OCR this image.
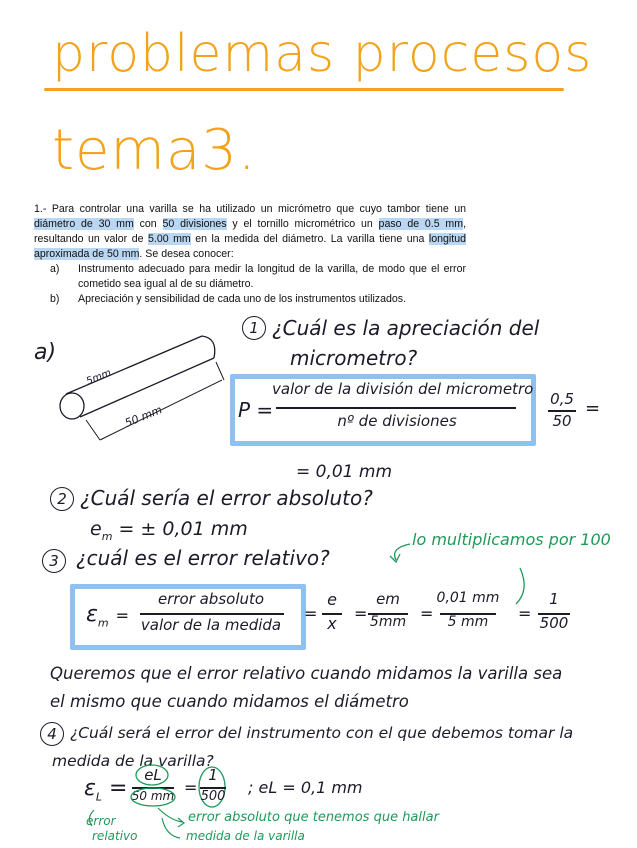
problemas procesos
tema3.

1.- Para controlar una varilla se ha utilizado un micrómetro que cuyo tambor tiene un diámetro de 30 mm con 50 divisiones y el tornillo micrométrico un paso de 0.5 mm, resultando un valor de 5.00 mm en la medida del diámetro. La varilla tiene una longitud aproximada de 50 mm. Se desea conocer:

a)	Instrumento adecuado para medir la longitud de la varilla, de modo que el error cometido sea igual al de su diámetro.
b)	Apreciación y sensibilidad de cada uno de los instrumentos utilizados.
a)
5mm
50 mm
1 ¿Cuál es la apreciación del
micrometro?
P =
valor de la división del micrometro
nº de divisiones
0,5
50
=
= 0,01 mm
2 ¿Cuál sería el error absoluto?
$e_m$ = ± 0,01 mm	lo multiplicamos por 100
3 ¿cuál es el error relativo?
$\varepsilon_m$ =
error absoluto
valor de la medida
=
e
x
=
em
5mm =
0,01 mm
5 mm	=
1
500
Queremos que el error relativo cuando midamos la varilla sea
el mismo que cuando midamos el diámetro
4 ¿Cuál será el error del instrumento con el que debemos tomar la
medida de la varilla?
$\varepsilon_L$ =
eL
50 mm =
1
500 ; eL = 0,1 mm
error absoluto que tenemos que hallar
error
relativo	medida de la varilla
